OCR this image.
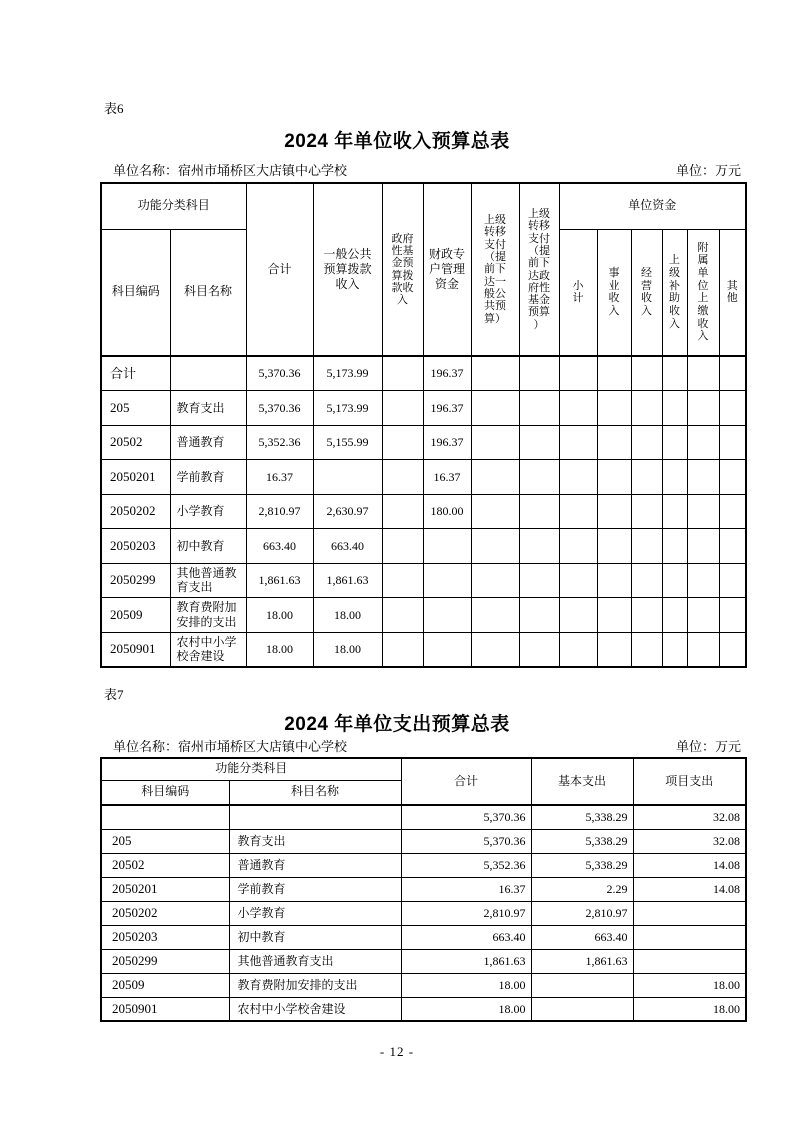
表6
2024 年单位收入预算总表
单位名称：宿州市埇桥区大店镇中心学校	单位：万元
功能分类科目		合计	一般公共预算拨款收入	政府性基金预算拨款收入	财政专户管理资金	上级转移支付（提前下达一般公共预算）	上级转移支付（提前下达政府性基金预算）	单位资金					
科目编码	科目名称							小计	事业收入	经营收入	上级补助收入	附属单位上缴收入	其他
合计		5,370.36	5,173.99		196.37								
205	教育支出	5,370.36	5,173.99		196.37								
20502	普通教育	5,352.36	5,155.99		196.37								
2050201	学前教育	16.37			16.37								
2050202	小学教育	2,810.97	2,630.97		180.00								
2050203	初中教育	663.40	663.40										
2050299	其他普通教育支出	1,861.63	1,861.63										
20509	教育费附加安排的支出	18.00	18.00										
2050901	农村中小学校舍建设	18.00	18.00										
表7
2024 年单位支出预算总表
单位名称：宿州市埇桥区大店镇中心学校	单位：万元
功能分类科目		合计	基本支出	项目支出
科目编码	科目名称			
		5,370.36	5,338.29	32.08
205	教育支出	5,370.36	5,338.29	32.08
20502	普通教育	5,352.36	5,338.29	14.08
2050201	学前教育	16.37	2.29	14.08
2050202	小学教育	2,810.97	2,810.97	
2050203	初中教育	663.40	663.40	
2050299	其他普通教育支出	1,861.63	1,861.63	
20509	教育费附加安排的支出	18.00		18.00
2050901	农村中小学校舍建设	18.00		18.00
- 12 -
